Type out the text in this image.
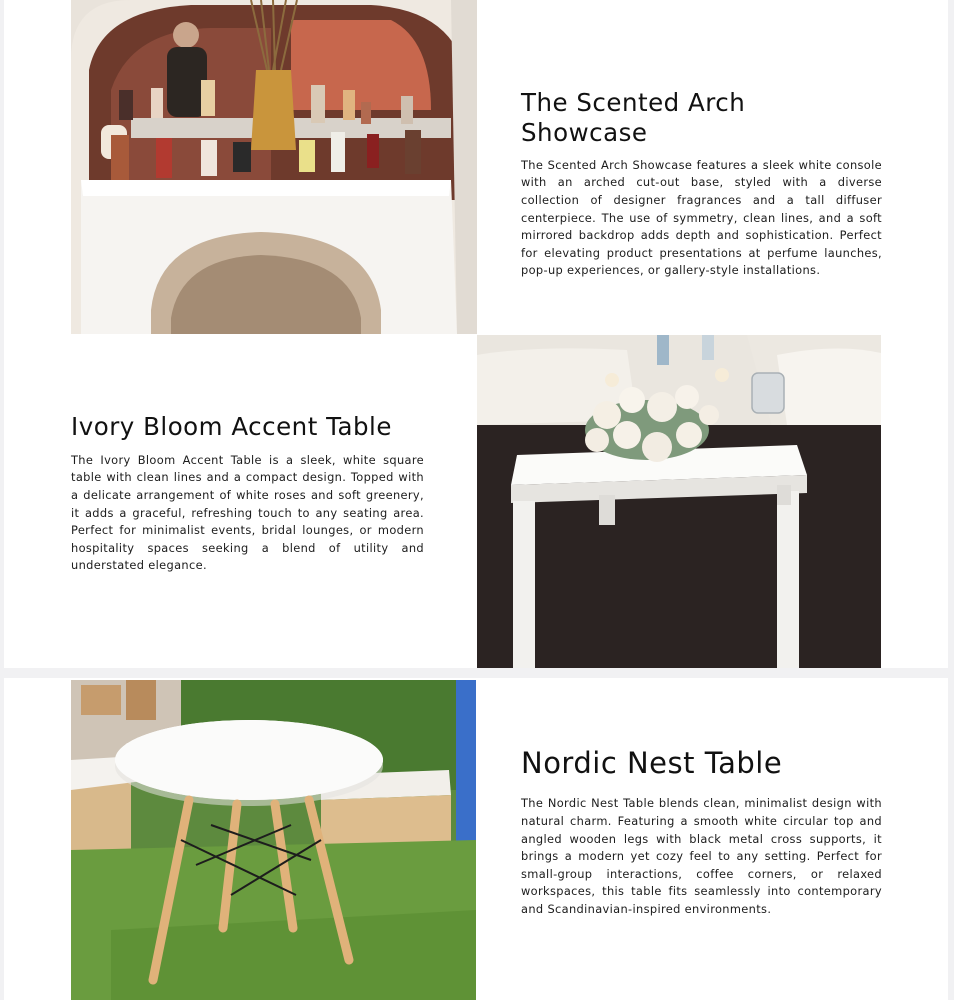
The Scented Arch Showcase

The Scented Arch Showcase features a sleek white console with an arched cut-out base, styled with a diverse collection of designer fragrances and a tall diffuser centerpiece. The use of symmetry, clean lines, and a soft mirrored backdrop adds depth and sophistication. Perfect for elevating product presentations at perfume launches, pop-up experiences, or gallery-style installations.

Ivory Bloom Accent Table

The Ivory Bloom Accent Table is a sleek, white square table with clean lines and a compact design. Topped with a delicate arrangement of white roses and soft greenery, it adds a graceful, refreshing touch to any seating area. Perfect for minimalist events, bridal lounges, or modern hospitality spaces seeking a blend of utility and understated elegance.

Nordic Nest Table

The Nordic Nest Table blends clean, minimalist design with natural charm. Featuring a smooth white circular top and angled wooden legs with black metal cross supports, it brings a modern yet cozy feel to any setting. Perfect for small-group interactions, coffee corners, or relaxed workspaces, this table fits seamlessly into contemporary and Scandinavian-inspired environments.
